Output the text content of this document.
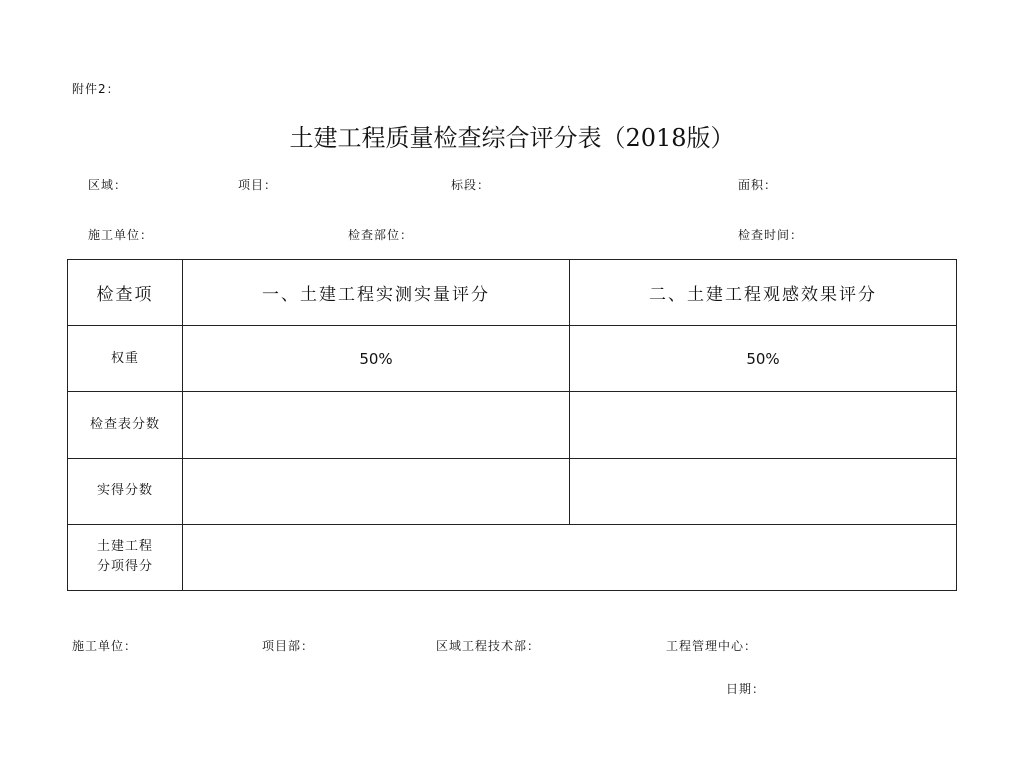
附件2：
土建工程质量检查综合评分表（2018版）
区域：	项目：	标段：	面积：
施工单位：	检查部位：	检查时间：
检查项	一、土建工程实测实量评分	二、土建工程观感效果评分
权重	50%	50%
检查表分数		
实得分数		

土建工程
分项得分		

施工单位：	项目部：	区域工程技术部：	工程管理中心：
日期：
